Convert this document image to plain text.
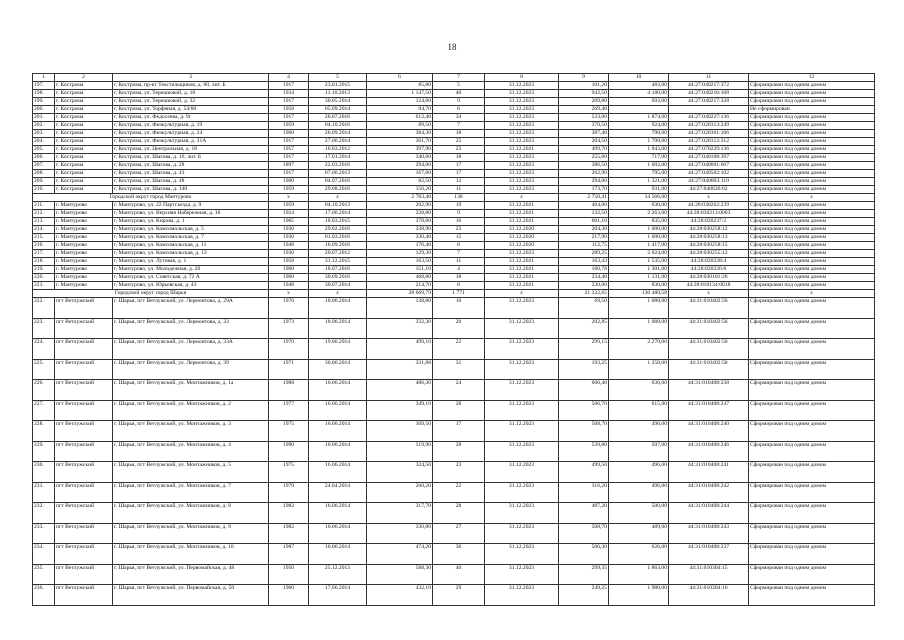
18
1	2	3	4	5	6	7	8	9	10	11	12
197.	г. Кострома	г. Кострома, пр-кт Текстильщиков, д. 80, лит. Б	1917	23.01.2015	85,80	5	31.12.2023	101,20	483,00	44:27:040217:372	Сформирован под одним домом
198.	г. Кострома	г. Кострома, ул. Терешковой, д. 18	1934	11.10.2013	1 147,50	40	31.12.2023	942,50	4 180,00	44:27:040216:108	Сформирован под одним домом
199.	г. Кострома	г. Кострома, ул. Терешковой, д. 32	1917	30.05.2014	124,60	9	31.12.2023	209,80	693,00	44:27:040217:328	Сформирован под одним домом
200.	г. Кострома	г. Кострома, ул. Торфяная, д. 54/60	1958	05.09.2014	94,70	6	31.12.2023	269,40			Не сформирован
201.	г. Кострома	г. Кострома, ул. Федосеева, д. 9г	1917	26.07.2016	612,40	34	31.12.2023	533,00	1 874,00	44:27:040227:136	Сформирован под одним домом
202.	г. Кострома	г. Кострома, ул. Физкультурная, д. 19	1959	04.10.2016	89,50	7	31.12.2023	370,50	924,00	44:27:020313:249	Сформирован под одним домом
203.	г. Кострома	г. Кострома, ул. Физкультурная, д. 24	1960	26.09.2014	384,30	18	31.12.2023	387,40	798,00	44:27:020301:106	Сформирован под одним домом
204.	г. Кострома	г. Кострома, ул. Физкультурная, д. 31А	1917	27.06.2014	361,70	25	31.12.2023	204,50	1 708,00	44:27:020312:312	Сформирован под одним домом
205.	г. Кострома	г. Кострома, ул. Центральная, д. 18	1957	16.03.2012	397,90	23	31.12.2021	499,70	1 943,00	44:27:070229:136	Сформирован под одним домом
206.	г. Кострома	г. Кострома, ул. Шагова, д. 10, лит. Б	1917	17.01.2014	340,60	18	31.12.2023	255,60	717,00	44:27:040108:397	Сформирован под одним домом
207.	г. Кострома	г. Кострома, ул. Шагова, д. 28	1897	22.03.2016	294,00	17	31.12.2023	386,50	1 602,00	44:27:040601:607	Сформирован под одним домом
208.	г. Кострома	г. Кострома, ул. Шагова, д. 43	1917	07.06.2013	167,60	17	31.12.2023	262,90	795,00	44:27:040502:102	Сформирован под одним домом
209.	г. Кострома	г. Кострома, ул. Шагова, д. 48	1900	04.07.2016	82,50	12	31.12.2023	294,00	1 321,00	44:27:040603:110	Сформирован под одним домом
210.	г. Кострома	г. Кострома, ул. Шагова, д. 140	1959	29.08.2016	156,20	11	31.12.2023	173,70	931,00	44:27:040626:62	Сформирован под одним домом
Городской округ город Мантурово			x	x	2 783,40	138	x	2 750,41	14 566,00	x	x
211.	г. Мантурово	г. Мантурово, ул. 22 Партсъезда, д. 9	1959	04.10.2013	202,90	19	31.12.2021	404,00	630,00	44:28:030262:239	Сформирован под одним домом
212.	г. Мантурово	г. Мантурово, ул. Верхняя Набережная, д. 18	1924	17.06.2014	228,80	9	31.12.2021	132,50	2 263,00	44:28:030213:0003	Сформирован под одним домом
213.	г. Мантурово	г. Мантурово, ул. Кирова, д. 1	1965	18.03.2015	378,60	16	31.12.2021	601,10	835,00	44:28:020237:2	Сформирован под одним домом
214.	г. Мантурово	г. Мантурово, ул. Комсомольская, д. 5	1930	29.02.2016	338,90	23	31.12.2020	204,30	1 000,00	44:28:030258:12	Сформирован под одним домом
215.	г. Мантурово	г. Мантурово, ул. Комсомольская, д. 7	1930	01.03.2016	330,40	15	31.12.2020	217,90	1 600,00	44:28:030258:13	Сформирован под одним домом
216.	г. Мантурово	г. Мантурово, ул. Комсомольская, д. 11	1948	16.09.2016	176,40	8	31.12.2020	112,75	1 417,00	44:28:030258:15	Сформирован под одним домом
217.	г. Мантурово	г. Мантурово, ул. Комсомольская, д. 13	1930	20.07.2012	129,30	7	31.12.2023	289,25	2 024,00	44:28:030255:12	Сформирован под одним домом
218.	г. Мантурово	г. Мантурово, ул. Луговая, д. 1	1958	31.12.2015	163,50	11	31.12.2021	163,43	1 535,00	44:28:020228:4	Сформирован под одним домом
219.	г. Мантурово	г. Мантурово, ул. Молодежная, д. 20	1960	18.07.2016	151,10	4	31.12.2021	160,78	1 301,00	44:28:020226:8	Сформирован под одним домом
220.	г. Мантурово	г. Мантурово, ул. Советская, д. 72 А	1960	30.09.2016	468,80	18	31.12.2021	234,40	1 131,00	44:28:030101:20	Сформирован под одним домом
221.	г. Мантурово	г. Мантурово, ул. Юрьевская, д. 43	1948	30.07.2014	214,70	8	31.12.2021	230,00	830,00	44:28:010134:0018	Сформирован под одним домом
Городской округ город Шарья			x	x	28 669,79	1 771	x	21 332,65	130 480,58	x	x
222.	пгт Ветлужский	г. Шарья, пгт Ветлужский, ул. Лермонтова, д. 29А	1976	18.06.2014	138,80	10	31.12.2023	69,50	1 088,00	44:31:010402:56	Сформирован под одним домом
223.	пгт Ветлужский	г. Шарья, пгт Ветлужский, ул. Лермонтова, д. 33	1973	18.06.2014	332,30	20	31.12.2023	202,85	1 088,00	44:31:010402:56	Сформирован под одним домом
224.	пгт Ветлужский	г. Шарья, пгт Ветлужский, ул. Лермонтова, д. 33А	1970	19.06.2014	499,10	22	31.12.2023	299,15	2 270,00	44:31:010402:50	Сформирован под одним домом
225.	пгт Ветлужский	г. Шарья, пгт Ветлужский, ул. Лермонтова, д. 39	1971	30.06.2014	331,88	31	31.12.2023	193,25	1 258,00	44:31:010402:58	Сформирован под одним домом
226.	пгт Ветлужский	г. Шарья, пгт Ветлужский, ул. Монтажников, д. 1а	1988	16.06.2014	486,30	24	31.12.2023	606,40	636,00	44:31:010408:238	Сформирован под одним домом
227.	пгт Ветлужский	г. Шарья, пгт Ветлужский, ул. Монтажников, д. 2	1977	16.06.2014	349,10	28	31.12.2023	506,70	615,00	44:31:010408:247	Сформирован под одним домом
228.	пгт Ветлужский	г. Шарья, пгт Ветлужский, ул. Монтажников, д. 3	1975	16.06.2014	309,50	17	31.12.2023	508,70	496,00	44:31:010408:240	Сформирован под одним домом
229.	пгт Ветлужский	г. Шарья, пгт Ветлужский, ул. Монтажников, д. 4	1990	16.06.2014	319,90	28	31.12.2023	539,80	507,00	44:31:010408:246	Сформирован под одним домом
230.	пгт Ветлужский	г. Шарья, пгт Ветлужский, ул. Монтажников, д. 5	1975	16.06.2014	324,50	23	31.12.2023	499,50	496,00	44:31:010408:241	Сформирован под одним домом
231.	пгт Ветлужский	г. Шарья, пгт Ветлужский, ул. Монтажников, д. 7	1979	24.04.2014	260,20	22	31.12.2023	316,20	496,00	44:31:010408:242	Сформирован под одним домом
232.	пгт Ветлужский	г. Шарья, пгт Ветлужский, ул. Монтажников, д. 8	1982	16.06.2014	317,70	28	31.12.2023	487,20	500,00	44:31:010408:244	Сформирован под одним домом
233.	пгт Ветлужский	г. Шарья, пгт Ветлужский, ул. Монтажников, д. 9	1982	16.06.2014	330,80	27	31.12.2023	508,70	489,00	44:31:010408:243	Сформирован под одним домом
234.	пгт Ветлужский	г. Шарья, пгт Ветлужский, ул. Монтажников, д. 10	1987	16.06.2014	474,20	36	31.12.2023	506,30	626,00	44:31:010408:237	Сформирован под одним домом
235.	пгт Ветлужский	г. Шарья, пгт Ветлужский, ул. Первомайская, д. 48	1950	25.12.2013	588,30	40	31.12.2023	299,35	1 863,00	44:31:010304:15	Сформирован под одним домом
236.	пгт Ветлужский	г. Шарья, пгт Ветлужский, ул. Первомайская, д. 50	1960	17.06.2014	432,10	29	31.12.2023	249,25	1 980,00	44:31:010304:16	Сформирован под одним домом
